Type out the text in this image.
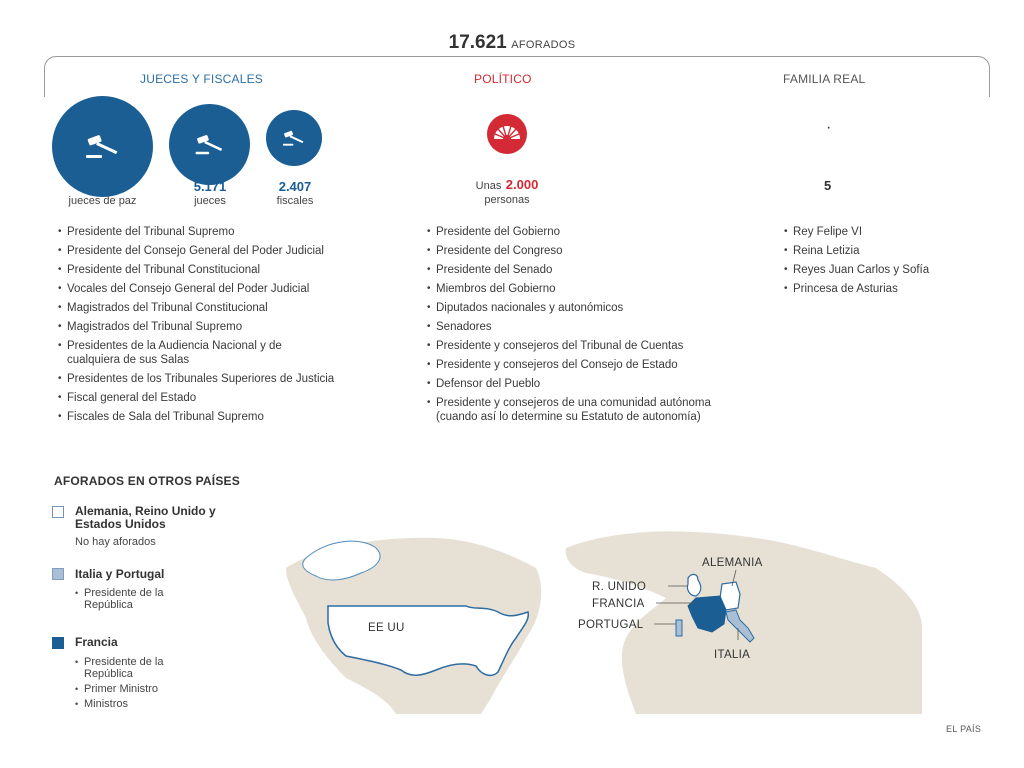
17.621 AFORADOS
JUECES Y FISCALES	POLÍTICO	FAMILIA REAL
7.685
jueces de paz
5.171
jueces
2.407
fiscales
Unas 2.000
personas
·
5
• Presidente del Tribunal Supremo
• Presidente del Consejo General del Poder Judicial
• Presidente del Tribunal Constitucional
• Vocales del Consejo General del Poder Judicial
• Magistrados del Tribunal Constitucional
• Magistrados del Tribunal Supremo
• Presidentes de la Audiencia Nacional y de cualquiera de sus Salas
• Presidentes de los Tribunales Superiores de Justicia
• Fiscal general del Estado
• Fiscales de Sala del Tribunal Supremo
• Presidente del Gobierno
• Presidente del Congreso
• Presidente del Senado
• Miembros del Gobierno
• Diputados nacionales y autonómicos
• Senadores
• Presidente y consejeros del Tribunal de Cuentas
• Presidente y consejeros del Consejo de Estado
• Defensor del Pueblo
• Presidente y consejeros de una comunidad autónoma (cuando así lo determine su Estatuto de autonomía)
• Rey Felipe VI
• Reina Letizia
• Reyes Juan Carlos y Sofía
• Princesa de Asturias
AFORADOS EN OTROS PAÍSES
Alemania, Reino Unido y Estados Unidos
No hay aforados
Italia y Portugal
• Presidente de la República
Francia
• Presidente de la República
• Primer Ministro
• Ministros
EE UU
ALEMANIA
R. UNIDO
FRANCIA
PORTUGAL
ITALIA
EL PAÍS
